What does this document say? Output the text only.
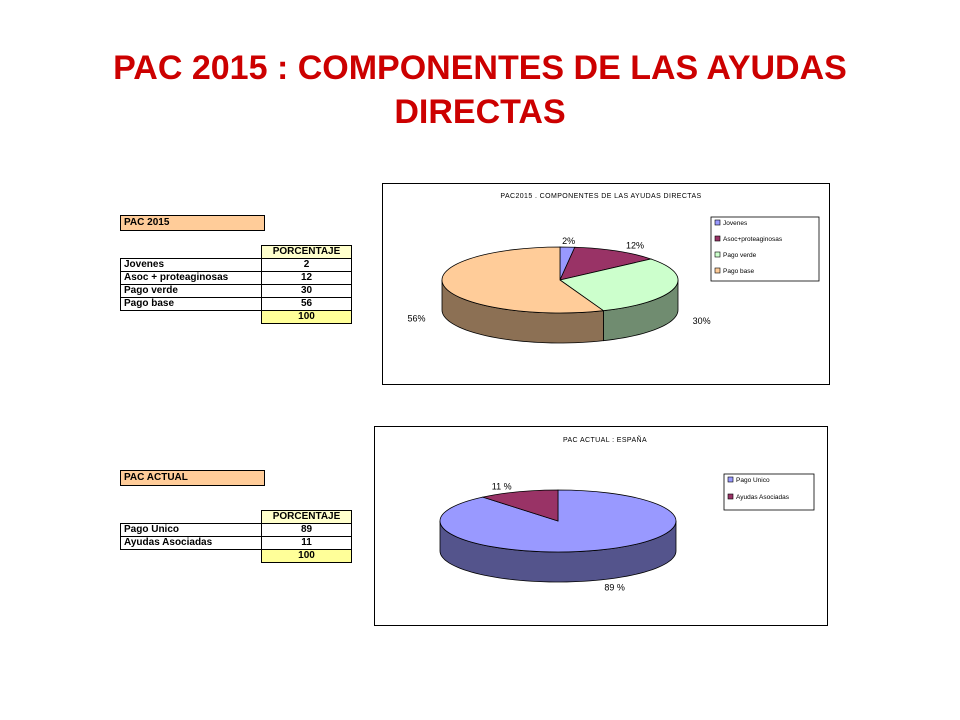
PAC 2015 : COMPONENTES DE LAS AYUDAS
DIRECTAS
PAC 2015
	PORCENTAJE
Jovenes	2
Asoc + proteaginosas	12
Pago verde	30
Pago base	56
	100
PAC ACTUAL
	PORCENTAJE
Pago Unico	89
Ayudas Asociadas	11
	100
PAC2015 . COMPONENTES DE LAS AYUDAS DIRECTAS
2%	12%
30%
56%
Jovenes
Asoc+proteaginosas
Pago verde
Pago base
PAC ACTUAL : ESPAÑA
89 %
11 %
Pago Unico
Ayudas Asociadas
